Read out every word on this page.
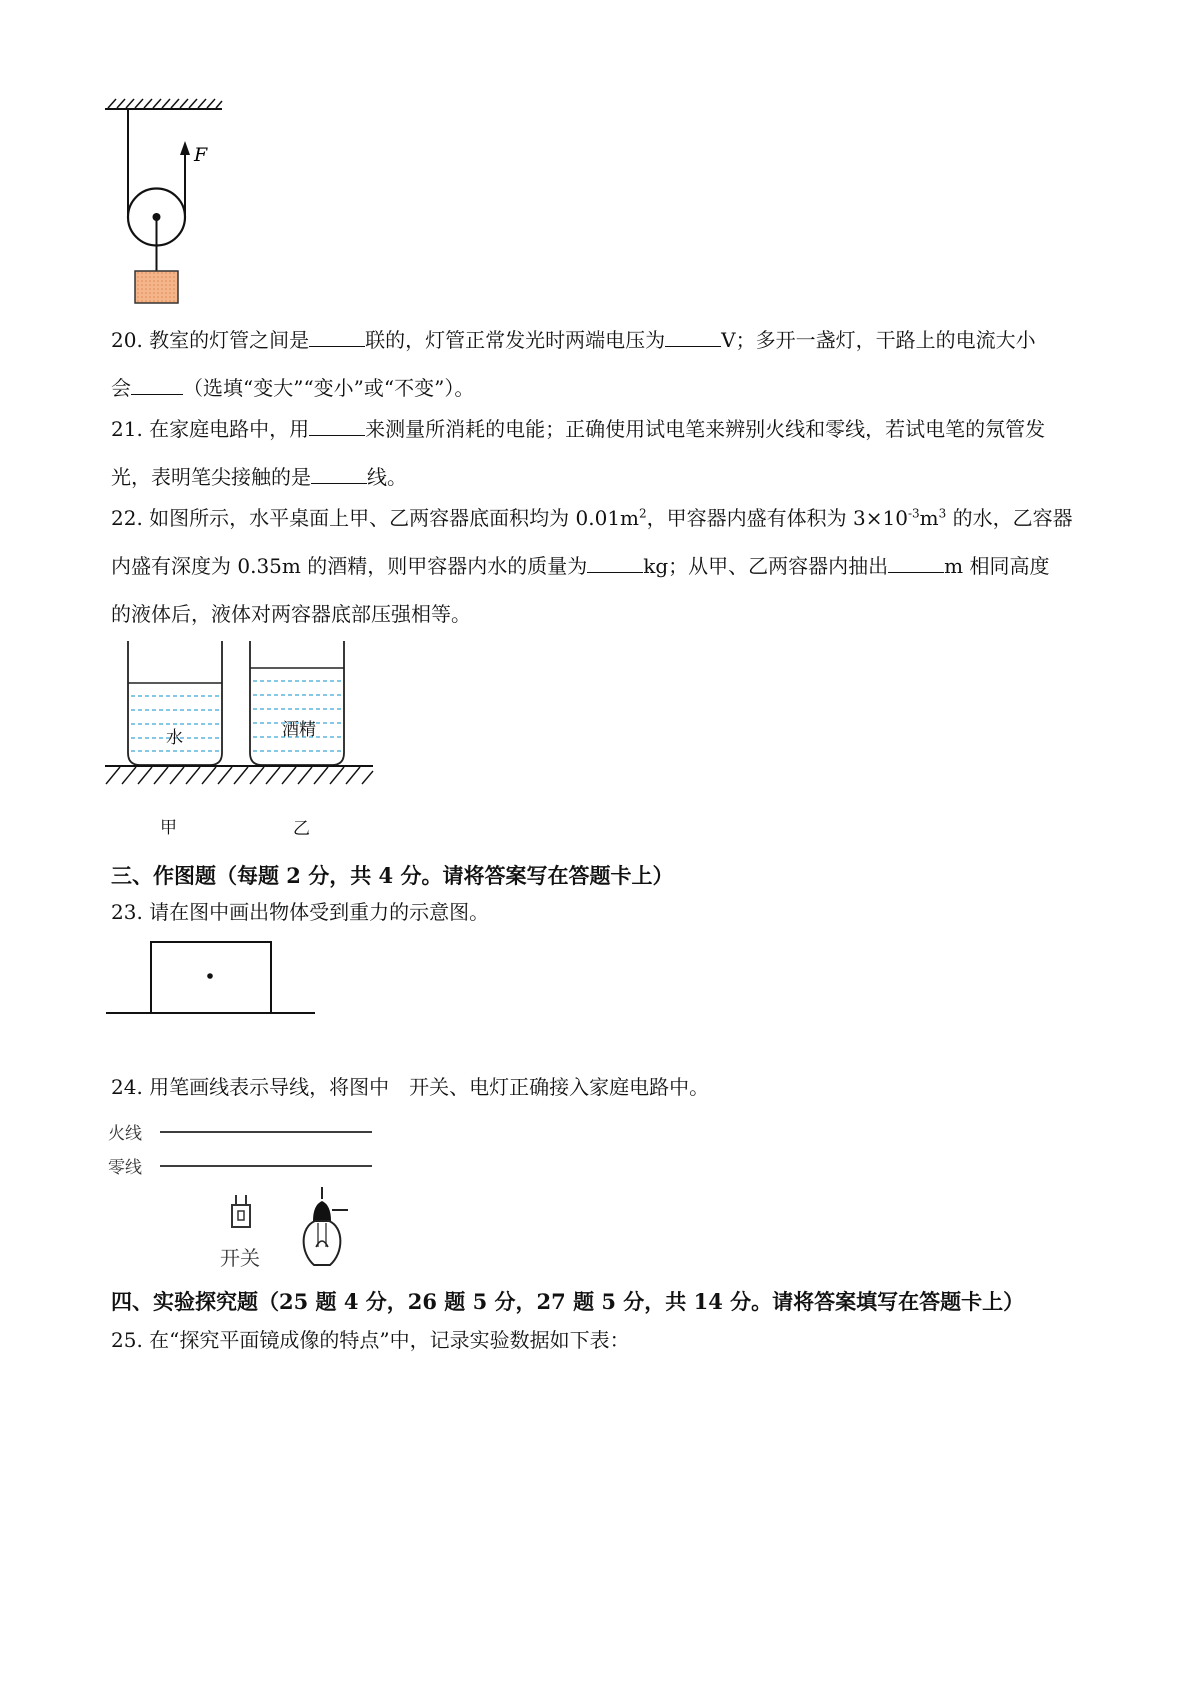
F
20. 教室的灯管之间是	联的，灯管正常发光时两端电压为	V；多开一盏灯，干路上的电流大小
会	（选填“变大”“变小”或“不变”）。
21. 在家庭电路中，用	来测量所消耗的电能；正确使用试电笔来辨别火线和零线，若试电笔的氖管发
光，表明笔尖接触的是	线。
22. 如图所示，水平桌面上甲、乙两容器底面积均为 $0.01m^2$，甲容器内盛有体积为 $3\times 10^{-3}m^3$ 的水，乙容器
内盛有深度为 0.35m 的酒精，则甲容器内水的质量为	kg；从甲、乙两容器内抽出	m 相同高度
的液体后，液体对两容器底部压强相等。
水	酒精
甲	乙
三、作图题（每题 2 分，共 4 分。请将答案写在答题卡上）
23. 请在图中画出物体受到重力的示意图。
24. 用笔画线表示导线，将图中　开关、电灯正确接入家庭电路中。
火线
零线
开关
四、实验探究题（25 题 4 分，26 题 5 分，27 题 5 分，共 14 分。请将答案填写在答题卡上）
25. 在“探究平面镜成像的特点”中，记录实验数据如下表：
